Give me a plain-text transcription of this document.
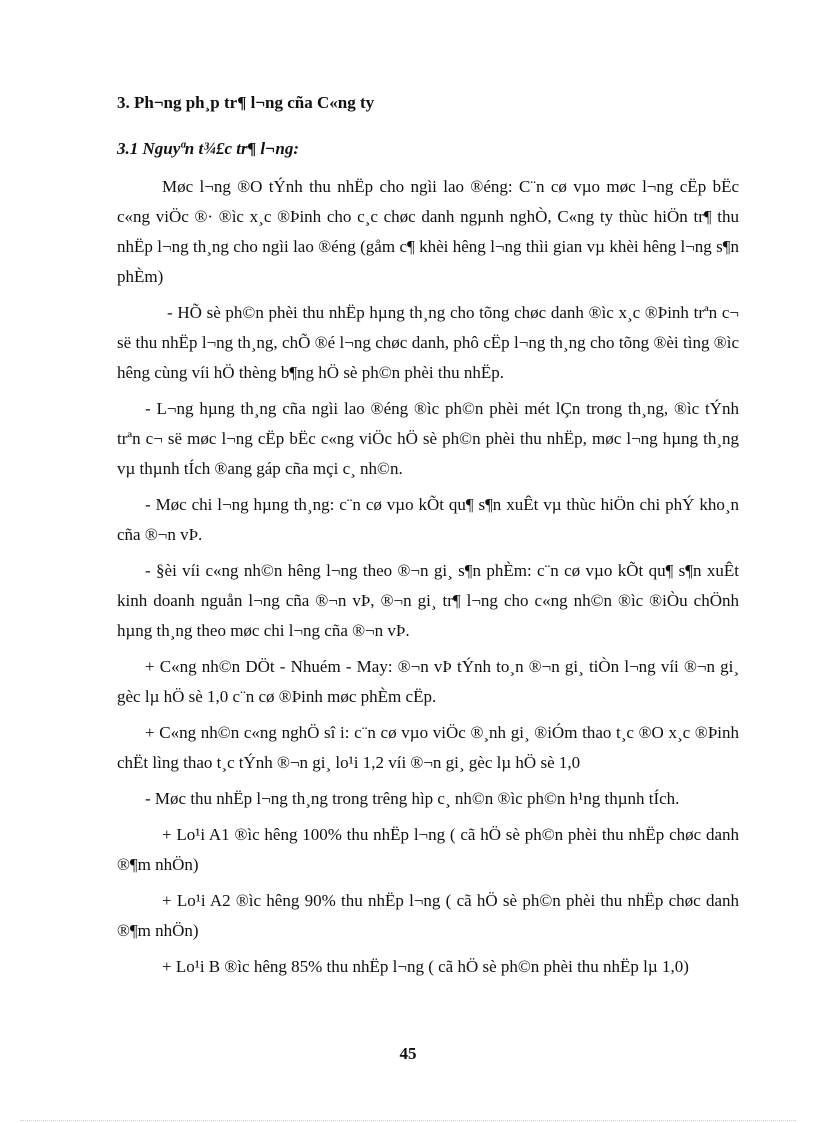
3. Ph¬ng ph¸p tr¶ l¬ng cña C«ng ty
3.1 Nguyªn t¾£c tr¶ l¬ng:

Møc l¬ng ®O tÝnh thu nhËp cho ngìi lao ®éng: C¨n cø vµo møc l¬ng cËp bËc c«ng viÖc ®· ®ìc x¸c ®Þinh cho c¸c chøc danh ngµnh nghÒ, C«ng ty thùc hiÖn tr¶ thu nhËp l¬ng th¸ng cho ngìi lao ®éng (gåm c¶ khèi hêng l¬ng thìi gian vµ khèi hêng l¬ng s¶n phÈm)

- HÕ sè ph©n phèi thu nhËp hµng th¸ng cho tõng chøc danh ®ìc x¸c ®Þinh trªn c¬ së thu nhËp l¬ng th¸ng, chÕ ®é l¬ng chøc danh, phô cËp l¬ng th¸ng cho tõng ®èi tìng ®ìc hêng cùng víi hÖ thèng b¶ng hÖ sè ph©n phèi thu nhËp.

- L¬ng hµng th¸ng cña ngìi lao ®éng ®ìc ph©n phèi mét lÇn trong th¸ng, ®ìc tÝnh trªn c¬ së møc l¬ng cËp bËc c«ng viÖc hÖ sè ph©n phèi thu nhËp, møc l¬ng hµng th¸ng vµ thµnh tÍch ®ang gáp cña mçi c¸ nh©n.

- Møc chi l¬ng hµng th¸ng: c¨n cø vµo kÕt qu¶ s¶n xuÊt vµ thùc hiÖn chi phÝ kho¸n cña ®¬n vÞ.

- §èi víi c«ng nh©n hêng l¬ng theo ®¬n gi¸ s¶n phÈm: c¨n cø vµo kÕt qu¶ s¶n xuÊt kinh doanh nguån l¬ng cña ®¬n vÞ, ®¬n gi¸ tr¶ l¬ng cho c«ng nh©n ®ìc ®iÒu chÖnh hµng th¸ng theo møc chi l¬ng cña ®¬n vÞ.

+ C«ng nh©n DÖt - Nhuém - May: ®¬n vÞ tÝnh to¸n ®¬n gi¸ tiÒn l¬ng víi ®¬n gi¸ gèc lµ hÖ sè 1,0 c¨n cø ®Þinh møc phÈm cËp.

+ C«ng nh©n c«ng nghÖ sî i: c¨n cø vµo viÖc ®¸nh gi¸ ®iÓm thao t¸c ®O x¸c ®Þinh chËt lìng thao t¸c tÝnh ®¬n gi¸ lo¹i 1,2 víi ®¬n gi¸ gèc lµ hÖ sè 1,0

- Møc thu nhËp l¬ng th¸ng trong trêng hìp c¸ nh©n ®ìc ph©n h¹ng thµnh tÍch.

+ Lo¹i A1 ®ìc hêng 100% thu nhËp l¬ng ( cã hÖ sè ph©n phèi thu nhËp chøc danh ®¶m nhÖn)

+ Lo¹i A2 ®ìc hêng 90% thu nhËp l¬ng ( cã hÖ sè ph©n phèi thu nhËp chøc danh ®¶m nhÖn)

+ Lo¹i B ®ìc hêng 85% thu nhËp l¬ng ( cã hÖ sè ph©n phèi thu nhËp lµ 1,0)

45
